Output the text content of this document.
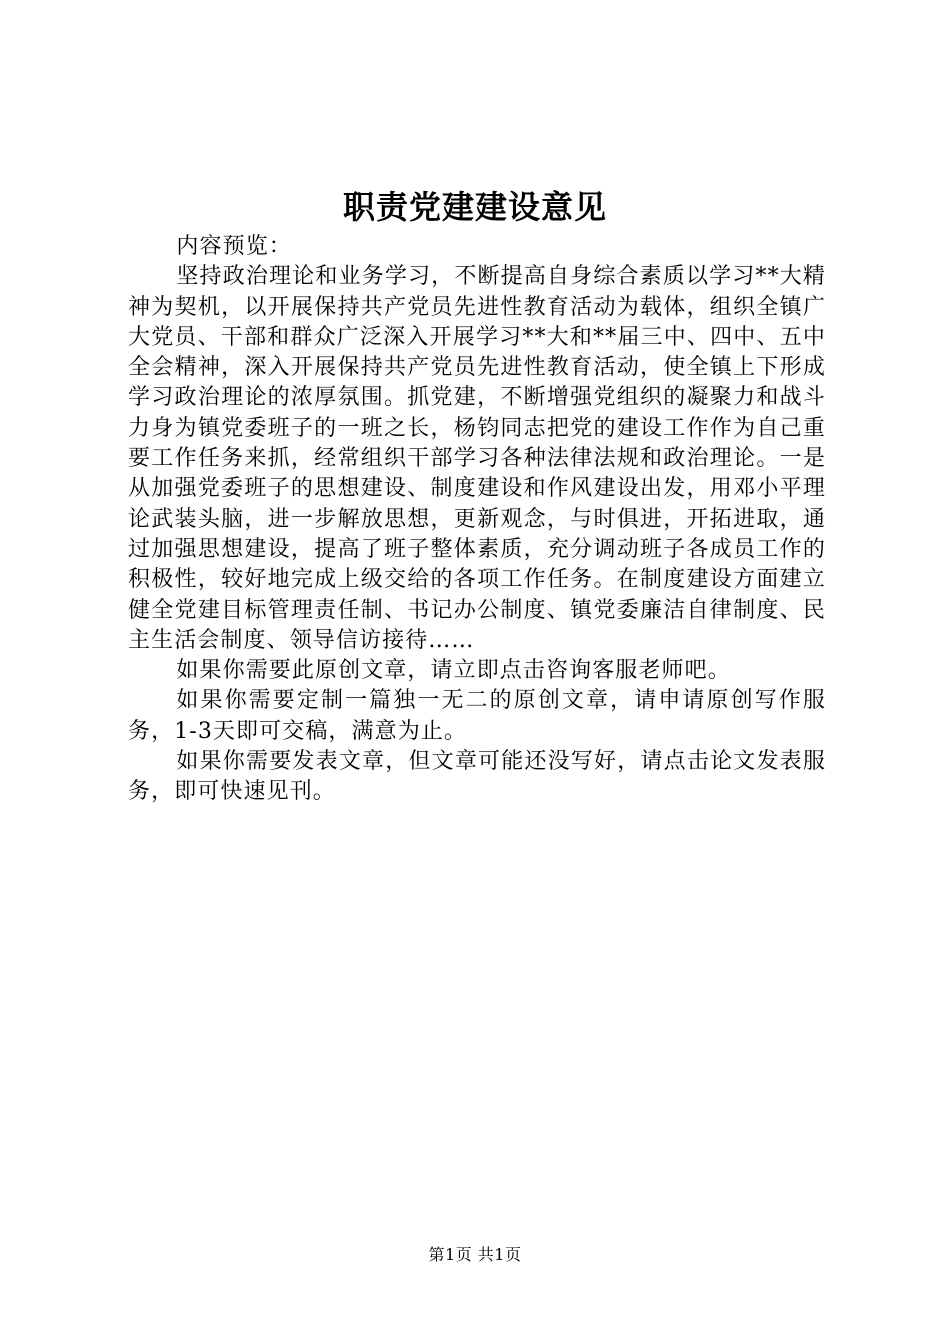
职责党建建设意见

内容预览：

坚持政治理论和业务学习，不断提高自身综合素质以学习**大精神为契机，以开展保持共产党员先进性教育活动为载体，组织全镇广大党员、干部和群众广泛深入开展学习**大和**届三中、四中、五中全会精神，深入开展保持共产党员先进性教育活动，使全镇上下形成学习政治理论的浓厚氛围。抓党建，不断增强党组织的凝聚力和战斗力身为镇党委班子的一班之长，杨钧同志把党的建设工作作为自己重要工作任务来抓，经常组织干部学习各种法律法规和政治理论。一是从加强党委班子的思想建设、制度建设和作风建设出发，用邓小平理论武装头脑，进一步解放思想，更新观念，与时俱进，开拓进取，通过加强思想建设，提高了班子整体素质，充分调动班子各成员工作的积极性，较好地完成上级交给的各项工作任务。在制度建设方面建立健全党建目标管理责任制、书记办公制度、镇党委廉洁自律制度、民主生活会制度、领导信访接待……

如果你需要此原创文章，请立即点击咨询客服老师吧。

如果你需要定制一篇独一无二的原创文章，请申请原创写作服务，1-3天即可交稿，满意为止。

如果你需要发表文章，但文章可能还没写好，请点击论文发表服务，即可快速见刊。

第1页 共1页
